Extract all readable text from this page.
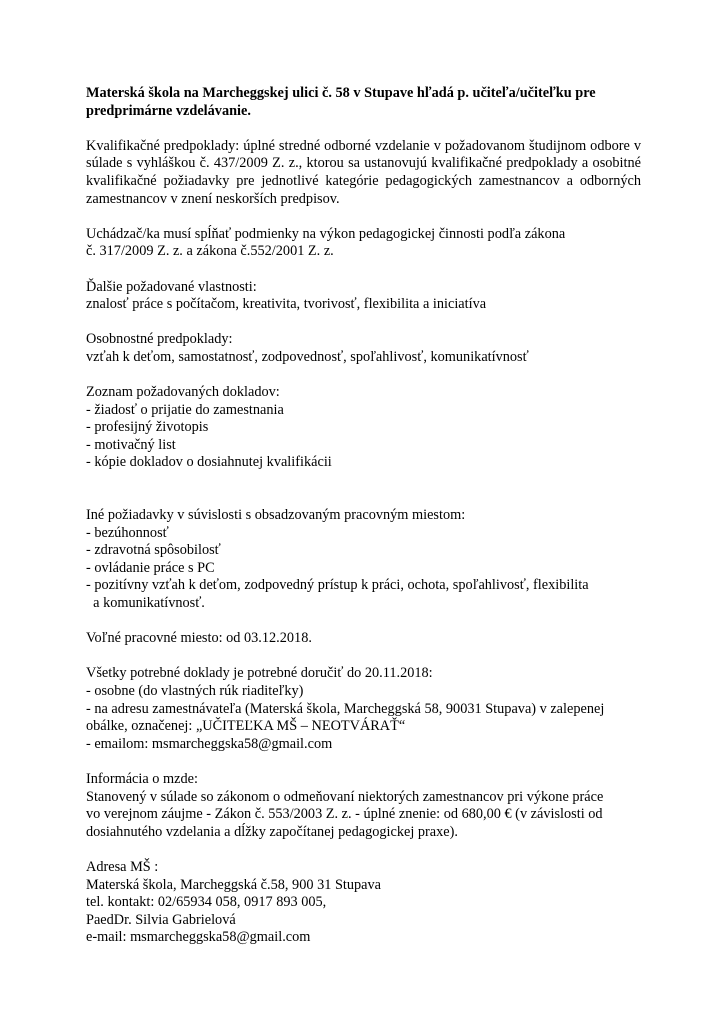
Materská škola na Marcheggskej ulici č. 58 v Stupave hľadá p. učiteľa/učiteľku pre predprimárne vzdelávanie.
Kvalifikačné predpoklady: úplné stredné odborné vzdelanie v požadovanom študijnom odbore v súlade s vyhláškou č. 437/2009 Z. z., ktorou sa ustanovujú kvalifikačné predpoklady a osobitné kvalifikačné požiadavky pre jednotlivé kategórie pedagogických zamestnancov a odborných zamestnancov v znení neskorších predpisov.
Uchádzač/ka musí spĺňať podmienky na výkon pedagogickej činnosti podľa zákona
č. 317/2009 Z. z. a zákona č.552/2001 Z. z.
Ďalšie požadované vlastnosti:
znalosť práce s počítačom, kreativita, tvorivosť, flexibilita a iniciatíva
Osobnostné predpoklady:
vzťah k deťom, samostatnosť, zodpovednosť, spoľahlivosť, komunikatívnosť
Zoznam požadovaných dokladov:
- žiadosť o prijatie do zamestnania
- profesijný životopis
- motivačný list
- kópie dokladov o dosiahnutej kvalifikácii
Iné požiadavky v súvislosti s obsadzovaným pracovným miestom:
- bezúhonnosť
- zdravotná spôsobilosť
- ovládanie práce s PC
- pozitívny vzťah k deťom, zodpovedný prístup k práci, ochota, spoľahlivosť, flexibilita
a komunikatívnosť.
Voľné pracovné miesto: od 03.12.2018.
Všetky potrebné doklady je potrebné doručiť do 20.11.2018:
- osobne (do vlastných rúk riaditeľky)
- na adresu zamestnávateľa (Materská škola, Marcheggská 58, 90031 Stupava) v zalepenej
obálke, označenej: „UČITEĽKA MŠ – NEOTVÁRAŤ“
- emailom: msmarcheggska58@gmail.com
Informácia o mzde:
Stanovený v súlade so zákonom o odmeňovaní niektorých zamestnancov pri výkone práce
vo verejnom záujme - Zákon č. 553/2003 Z. z. - úplné znenie: od 680,00 € (v závislosti od
dosiahnutého vzdelania a dĺžky započítanej pedagogickej praxe).
Adresa MŠ :
Materská škola, Marcheggská č.58, 900 31 Stupava
tel. kontakt: 02/65934 058, 0917 893 005,
PaedDr. Silvia Gabrielová
e-mail: msmarcheggska58@gmail.com
